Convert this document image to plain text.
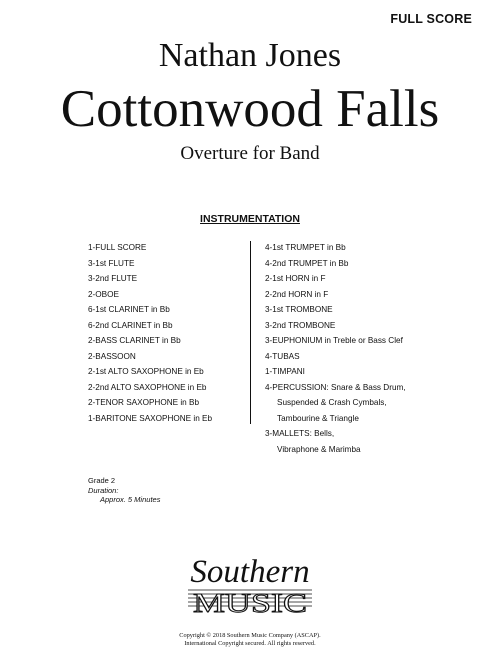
FULL SCORE
Nathan Jones
Cottonwood Falls
Overture for Band
INSTRUMENTATION
1-FULL SCORE
3-1st FLUTE
3-2nd FLUTE
2-OBOE
6-1st CLARINET in Bb
6-2nd CLARINET in Bb
2-BASS CLARINET in Bb
2-BASSOON
2-1st ALTO SAXOPHONE in Eb
2-2nd ALTO SAXOPHONE in Eb
2-TENOR SAXOPHONE in Bb
1-BARITONE SAXOPHONE in Eb
4-1st TRUMPET in Bb
4-2nd TRUMPET in Bb
2-1st HORN in F
2-2nd HORN in F
3-1st TROMBONE
3-2nd TROMBONE
3-EUPHONIUM in Treble or Bass Clef
4-TUBAS
1-TIMPANI
4-PERCUSSION: Snare & Bass Drum,
Suspended & Crash Cymbals,
Tambourine & Triangle
3-MALLETS: Bells,
Vibraphone & Marimba
Grade 2
Duration:
Approx. 5 Minutes
Southern
MUSIC
Copyright © 2018 Southern Music Company (ASCAP).
International Copyright secured. All rights reserved.
